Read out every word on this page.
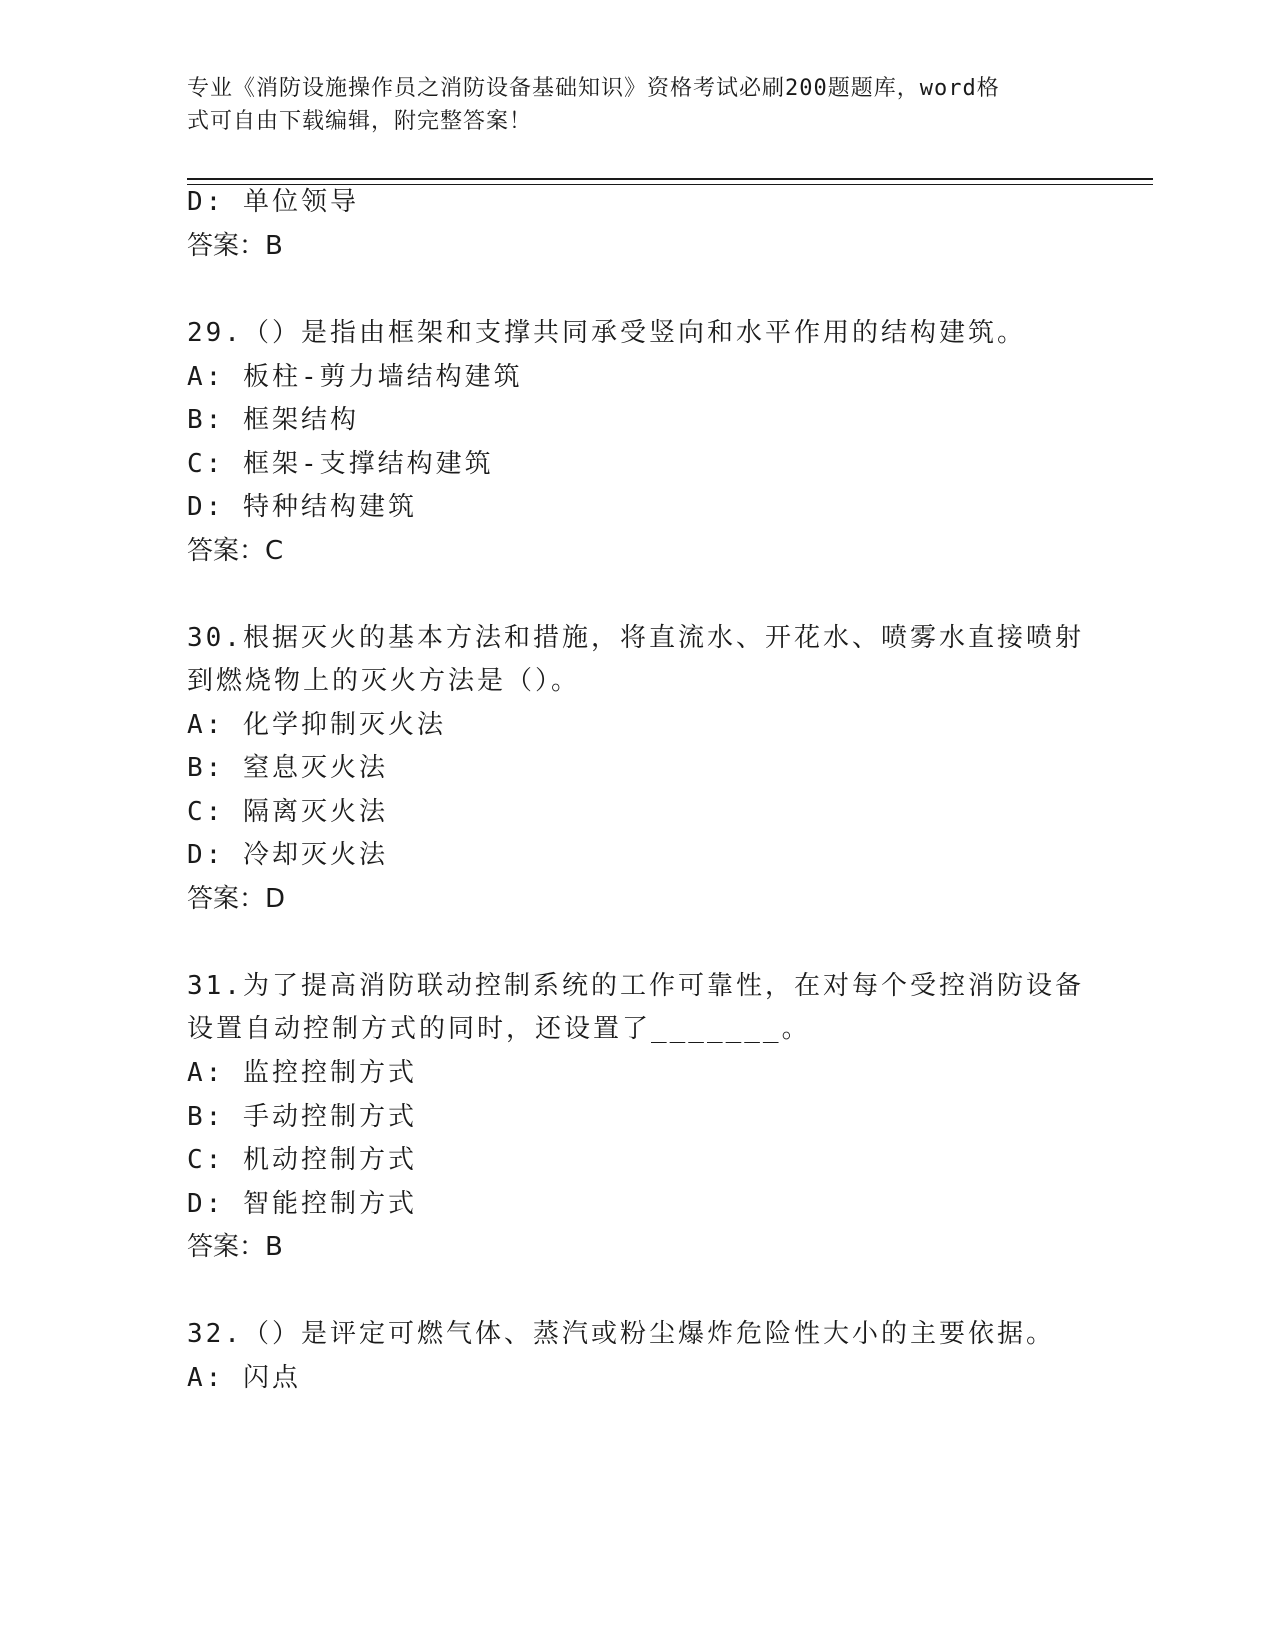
专业《消防设施操作员之消防设备基础知识》资格考试必刷200题题库，word格
式可自由下载编辑，附完整答案！
D: 单位领导
答案：B
29.（）是指由框架和支撑共同承受竖向和水平作用的结构建筑。
A: 板柱-剪力墙结构建筑
B: 框架结构
C: 框架-支撑结构建筑
D: 特种结构建筑
答案：C
30.根据灭火的基本方法和措施，将直流水、开花水、喷雾水直接喷射
到燃烧物上的灭火方法是（）。
A: 化学抑制灭火法
B: 窒息灭火法
C: 隔离灭火法
D: 冷却灭火法
答案：D
31.为了提高消防联动控制系统的工作可靠性，在对每个受控消防设备
设置自动控制方式的同时，还设置了_______。
A: 监控控制方式
B: 手动控制方式
C: 机动控制方式
D: 智能控制方式
答案：B
32.（）是评定可燃气体、蒸汽或粉尘爆炸危险性大小的主要依据。
A: 闪点
